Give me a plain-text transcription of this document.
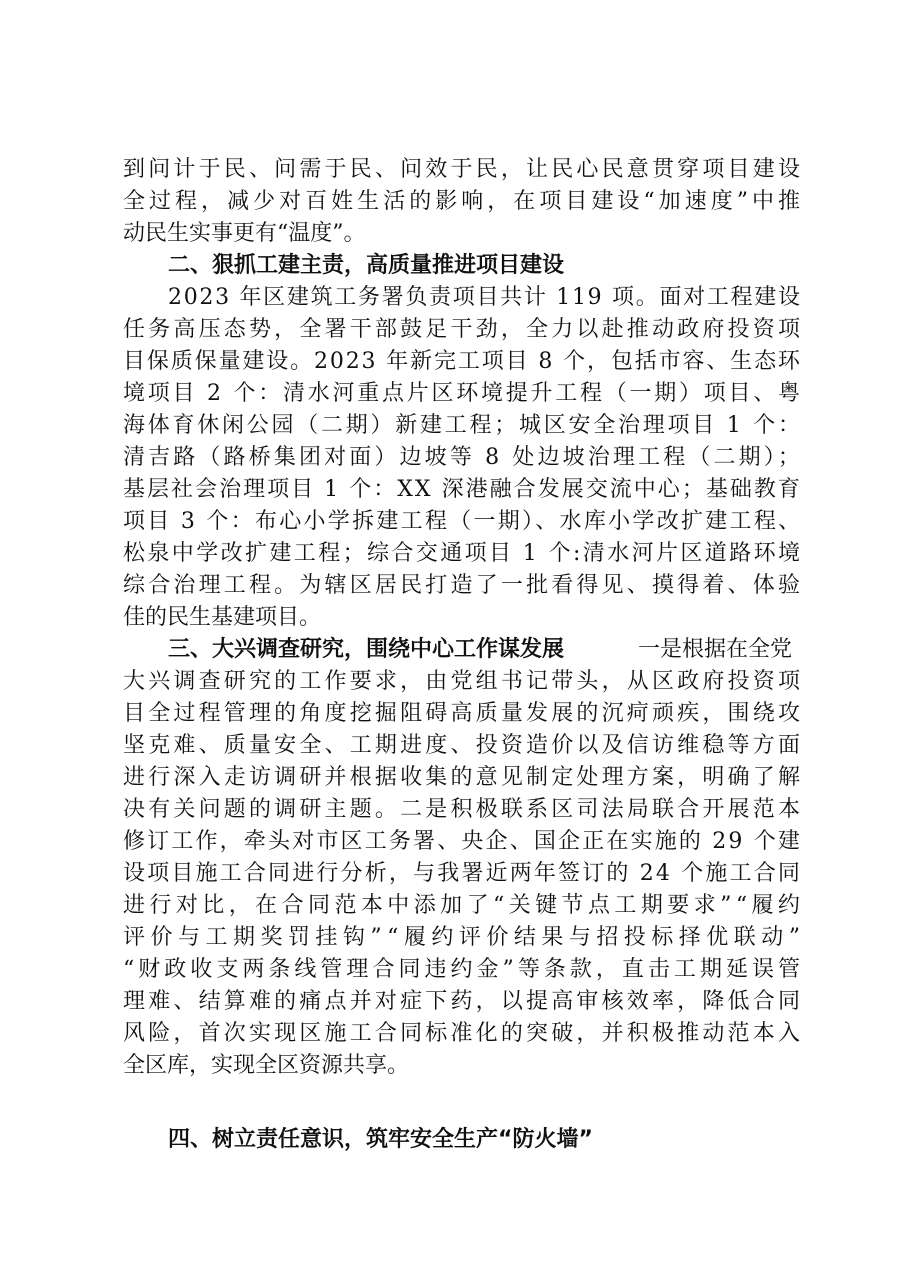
到问计于民、问需于民、问效于民，让民心民意贯穿项目建设
全过程，减少对百姓生活的影响，在项目建设“加速度”中推
动民生实事更有“温度”。
二、狠抓工建主责，高质量推进项目建设
2023 年区建筑工务署负责项目共计 119 项。面对工程建设
任务高压态势，全署干部鼓足干劲，全力以赴推动政府投资项
目保质保量建设。2023 年新完工项目 8 个，包括市容、生态环
境项目 2 个：清水河重点片区环境提升工程（一期）项目、粤
海体育休闲公园（二期）新建工程；城区安全治理项目 1 个：
清吉路（路桥集团对面）边坡等 8 处边坡治理工程（二期）；
基层社会治理项目 1 个：XX 深港融合发展交流中心；基础教育
项目 3 个：布心小学拆建工程（一期）、水库小学改扩建工程、
松泉中学改扩建工程；综合交通项目 1 个:清水河片区道路环境
综合治理工程。为辖区居民打造了一批看得见、摸得着、体验
佳的民生基建项目。
三、大兴调查研究，围绕中心工作谋发展	一是根据在全党
大兴调查研究的工作要求，由党组书记带头，从区政府投资项
目全过程管理的角度挖掘阻碍高质量发展的沉疴顽疾，围绕攻
坚克难、质量安全、工期进度、投资造价以及信访维稳等方面
进行深入走访调研并根据收集的意见制定处理方案，明确了解
决有关问题的调研主题。二是积极联系区司法局联合开展范本
修订工作，牵头对市区工务署、央企、国企正在实施的 29 个建
设项目施工合同进行分析，与我署近两年签订的 24 个施工合同
进行对比，在合同范本中添加了“关键节点工期要求”“履约
评价与工期奖罚挂钩”“履约评价结果与招投标择优联动”
“财政收支两条线管理合同违约金”等条款，直击工期延误管
理难、结算难的痛点并对症下药，以提高审核效率，降低合同
风险，首次实现区施工合同标准化的突破，并积极推动范本入
全区库，实现全区资源共享。
四、树立责任意识，筑牢安全生产“防火墙”
